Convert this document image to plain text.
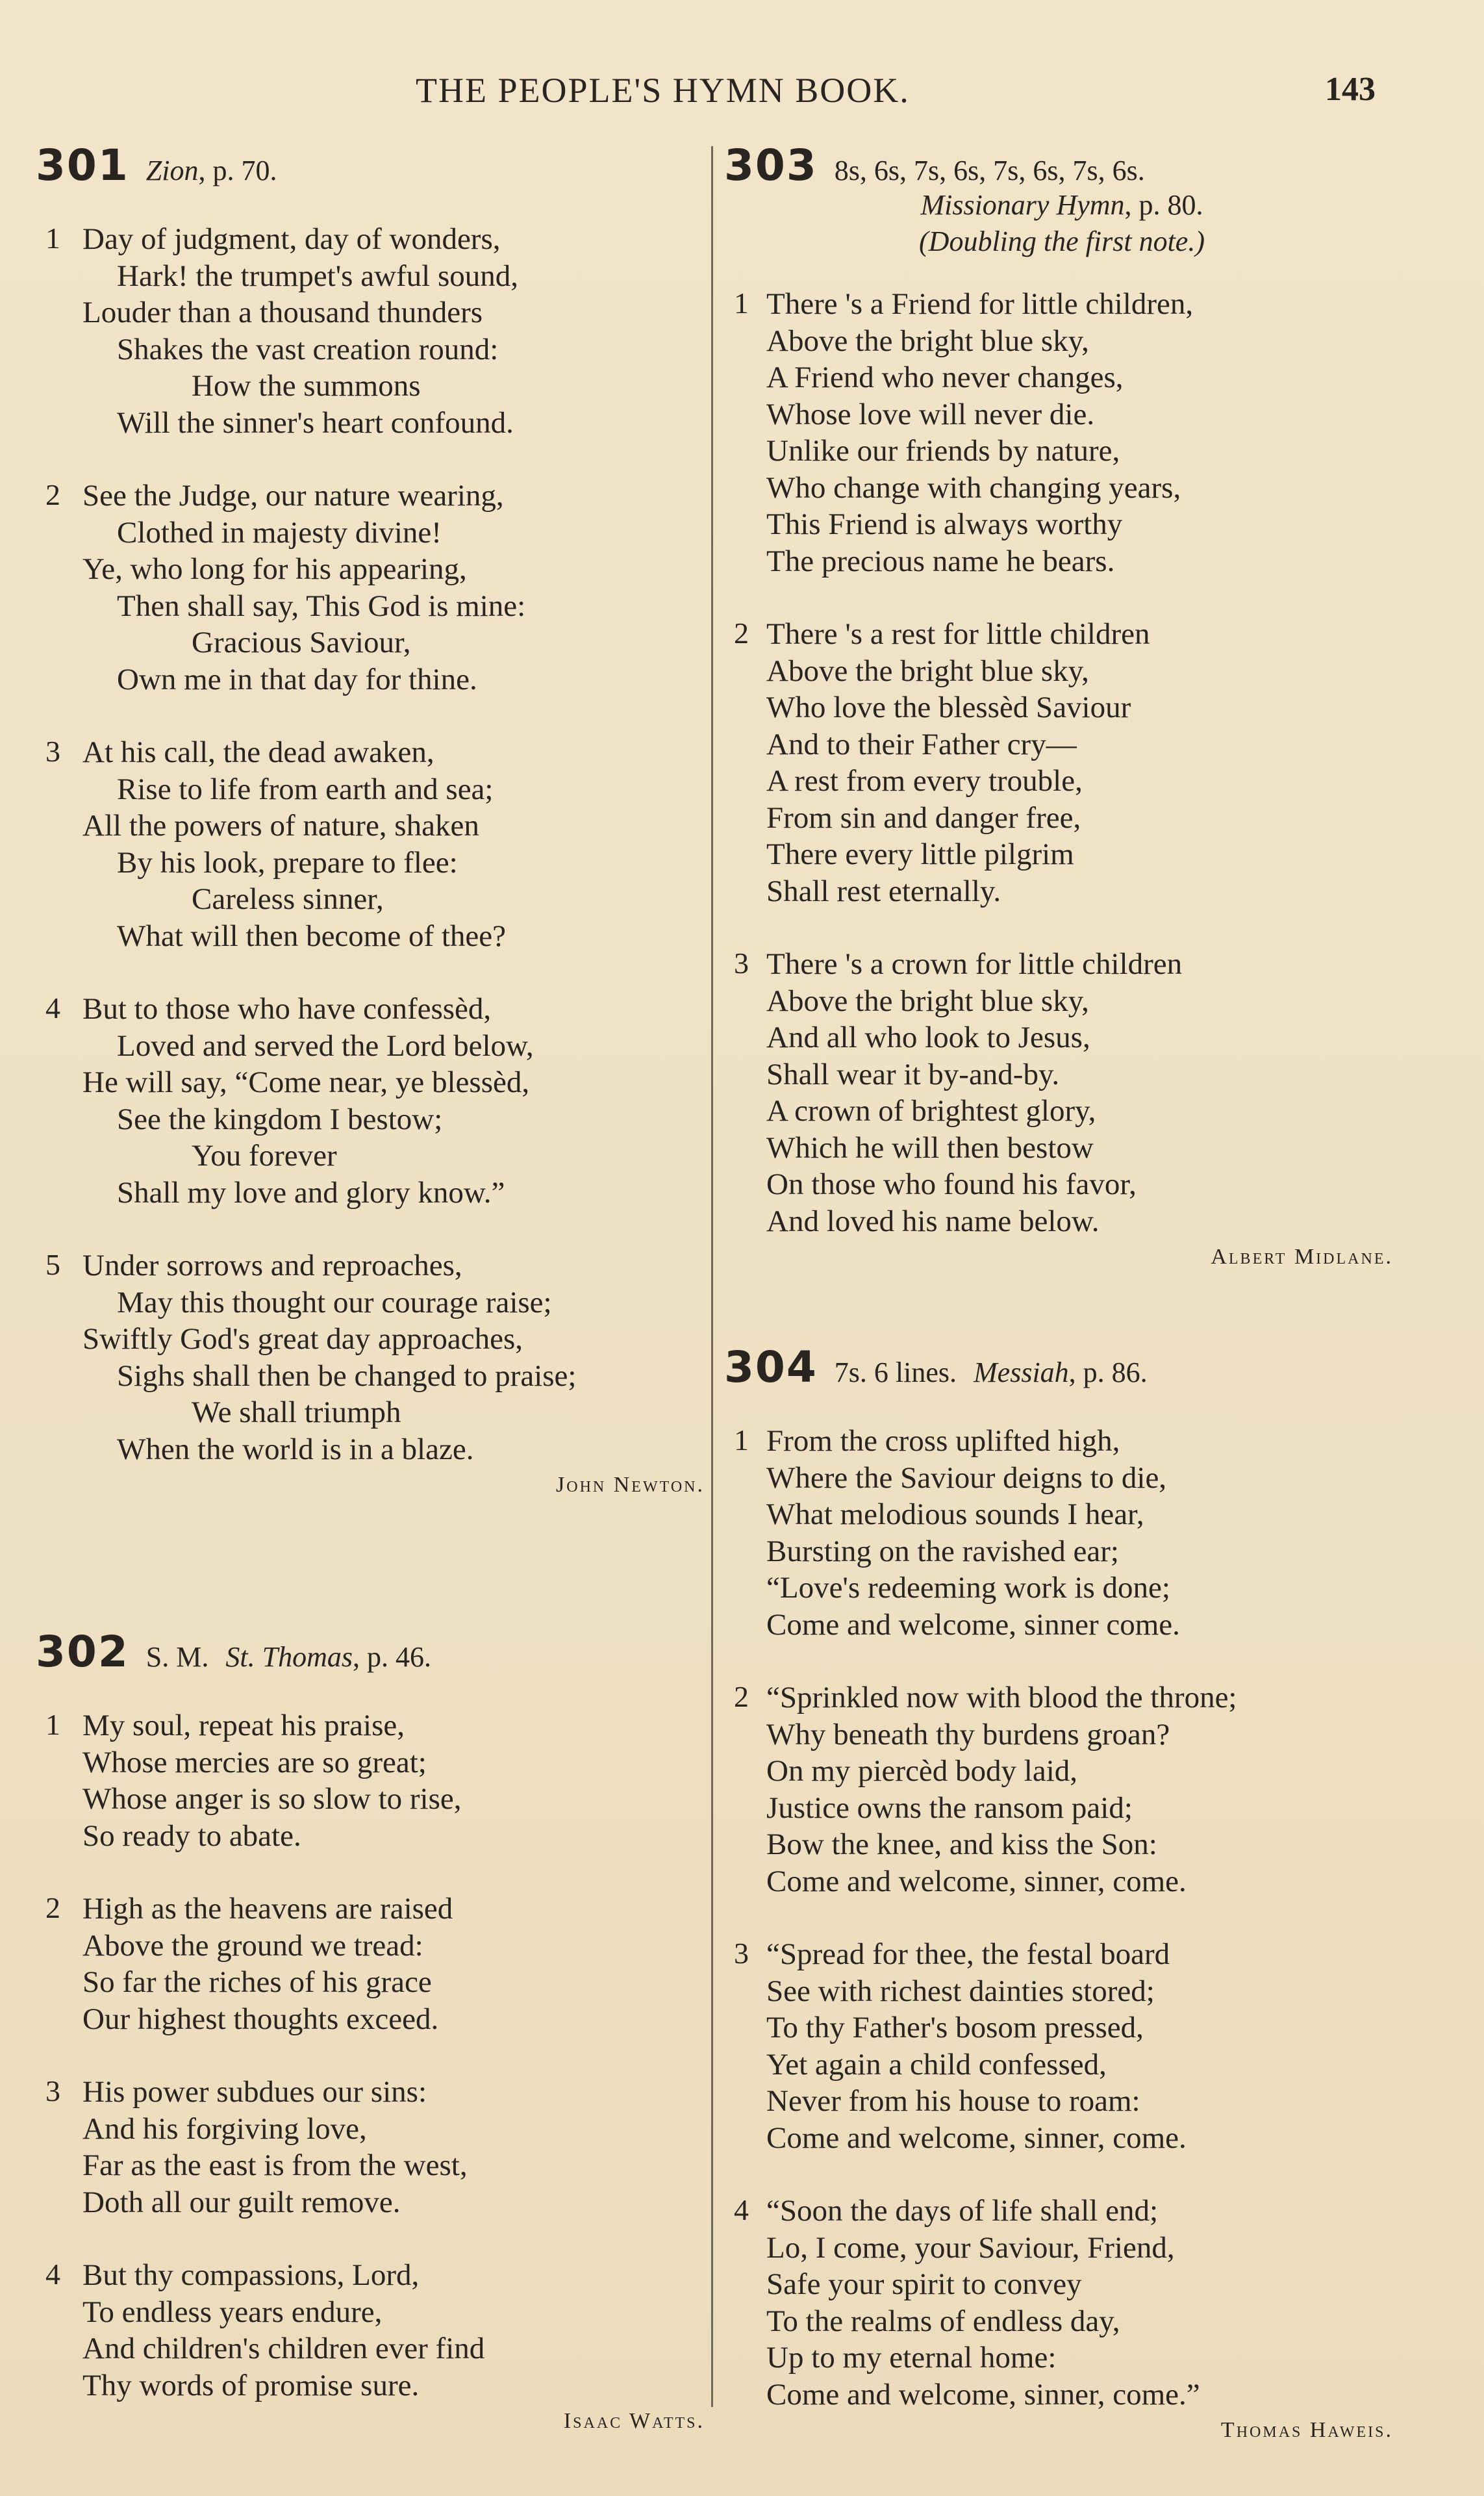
THE PEOPLE'S HYMN BOOK.	143
301 Zion, p. 70.
1 Day of judgment, day of wonders,
Hark! the trumpet's awful sound,
Louder than a thousand thunders
Shakes the vast creation round:
How the summons
Will the sinner's heart confound.
2 See the Judge, our nature wearing,
Clothed in majesty divine!
Ye, who long for his appearing,
Then shall say, This God is mine:
Gracious Saviour,
Own me in that day for thine.
3 At his call, the dead awaken,
Rise to life from earth and sea;
All the powers of nature, shaken
By his look, prepare to flee:
Careless sinner,
What will then become of thee?
4 But to those who have confessèd,
Loved and served the Lord below,
He will say, “Come near, ye blessèd,
See the kingdom I bestow;
You forever
Shall my love and glory know.”
5 Under sorrows and reproaches,
May this thought our courage raise;
Swiftly God's great day approaches,
Sighs shall then be changed to praise;
We shall triumph
When the world is in a blaze.
John Newton.
302 S. M. St. Thomas, p. 46.
1 My soul, repeat his praise,
Whose mercies are so great;
Whose anger is so slow to rise,
So ready to abate.
2 High as the heavens are raised
Above the ground we tread:
So far the riches of his grace
Our highest thoughts exceed.
3 His power subdues our sins:
And his forgiving love,
Far as the east is from the west,
Doth all our guilt remove.
4 But thy compassions, Lord,
To endless years endure,
And children's children ever find
Thy words of promise sure.
Isaac Watts.
303 8s, 6s, 7s, 6s, 7s, 6s, 7s, 6s.
Missionary Hymn, p. 80.
(Doubling the first note.)
1 There 's a Friend for little children,
Above the bright blue sky,
A Friend who never changes,
Whose love will never die.
Unlike our friends by nature,
Who change with changing years,
This Friend is always worthy
The precious name he bears.
2 There 's a rest for little children
Above the bright blue sky,
Who love the blessèd Saviour
And to their Father cry—
A rest from every trouble,
From sin and danger free,
There every little pilgrim
Shall rest eternally.
3 There 's a crown for little children
Above the bright blue sky,
And all who look to Jesus,
Shall wear it by-and-by.
A crown of brightest glory,
Which he will then bestow
On those who found his favor,
And loved his name below.
Albert Midlane.
304 7s. 6 lines. Messiah, p. 86.
1 From the cross uplifted high,
Where the Saviour deigns to die,
What melodious sounds I hear,
Bursting on the ravished ear;
“Love's redeeming work is done;
Come and welcome, sinner come.
2 “Sprinkled now with blood the throne;
Why beneath thy burdens groan?
On my piercèd body laid,
Justice owns the ransom paid;
Bow the knee, and kiss the Son:
Come and welcome, sinner, come.
3 “Spread for thee, the festal board
See with richest dainties stored;
To thy Father's bosom pressed,
Yet again a child confessed,
Never from his house to roam:
Come and welcome, sinner, come.
4 “Soon the days of life shall end;
Lo, I come, your Saviour, Friend,
Safe your spirit to convey
To the realms of endless day,
Up to my eternal home:
Come and welcome, sinner, come.”
Thomas Haweis.
